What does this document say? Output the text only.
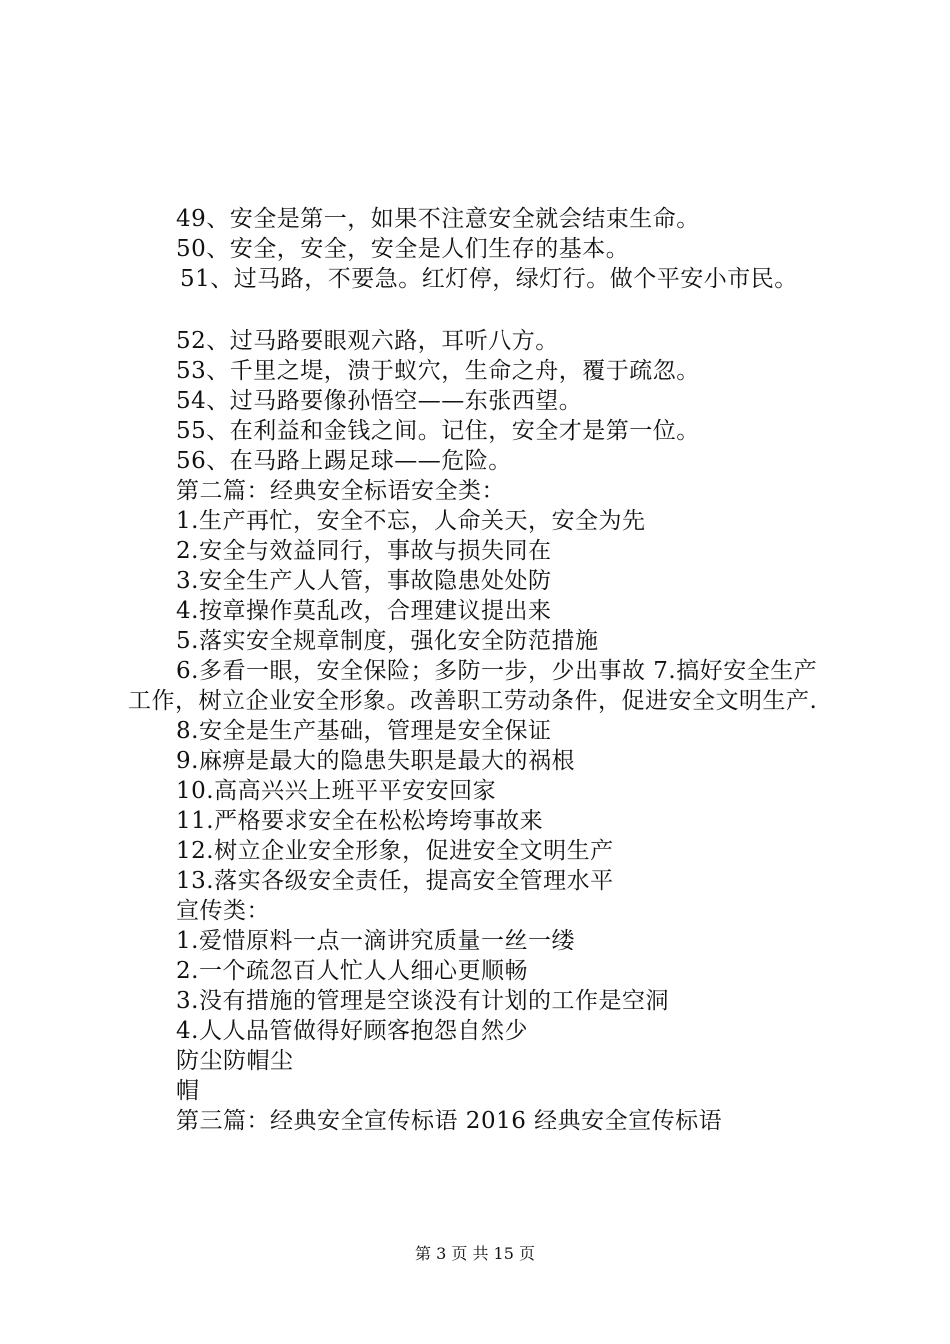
49、安全是第一，如果不注意安全就会结束生命。
50、安全，安全，安全是人们生存的基本。
51、过马路，不要急。红灯停，绿灯行。做个平安小市民。
52、过马路要眼观六路，耳听八方。
53、千里之堤，溃于蚁穴，生命之舟，覆于疏忽。
54、过马路要像孙悟空——东张西望。
55、在利益和金钱之间。记住，安全才是第一位。
56、在马路上踢足球——危险。
第二篇：经典安全标语安全类：
1.生产再忙，安全不忘，人命关天，安全为先
2.安全与效益同行，事故与损失同在
3.安全生产人人管，事故隐患处处防
4.按章操作莫乱改，合理建议提出来
5.落实安全规章制度，强化安全防范措施
6.多看一眼，安全保险；多防一步，少出事故 7.搞好安全生产工作，树立企业安全形象。改善职工劳动条件，促进安全文明生产.
8.安全是生产基础，管理是安全保证
9.麻痹是最大的隐患失职是最大的祸根
10.高高兴兴上班平平安安回家
11.严格要求安全在松松垮垮事故来
12.树立企业安全形象，促进安全文明生产
13.落实各级安全责任，提高安全管理水平
宣传类：
1.爱惜原料一点一滴讲究质量一丝一缕
2.一个疏忽百人忙人人细心更顺畅
3.没有措施的管理是空谈没有计划的工作是空洞
4.人人品管做得好顾客抱怨自然少
防尘防帽尘
帽
第三篇：经典安全宣传标语 2016 经典安全宣传标语
第 3 页 共 15 页
